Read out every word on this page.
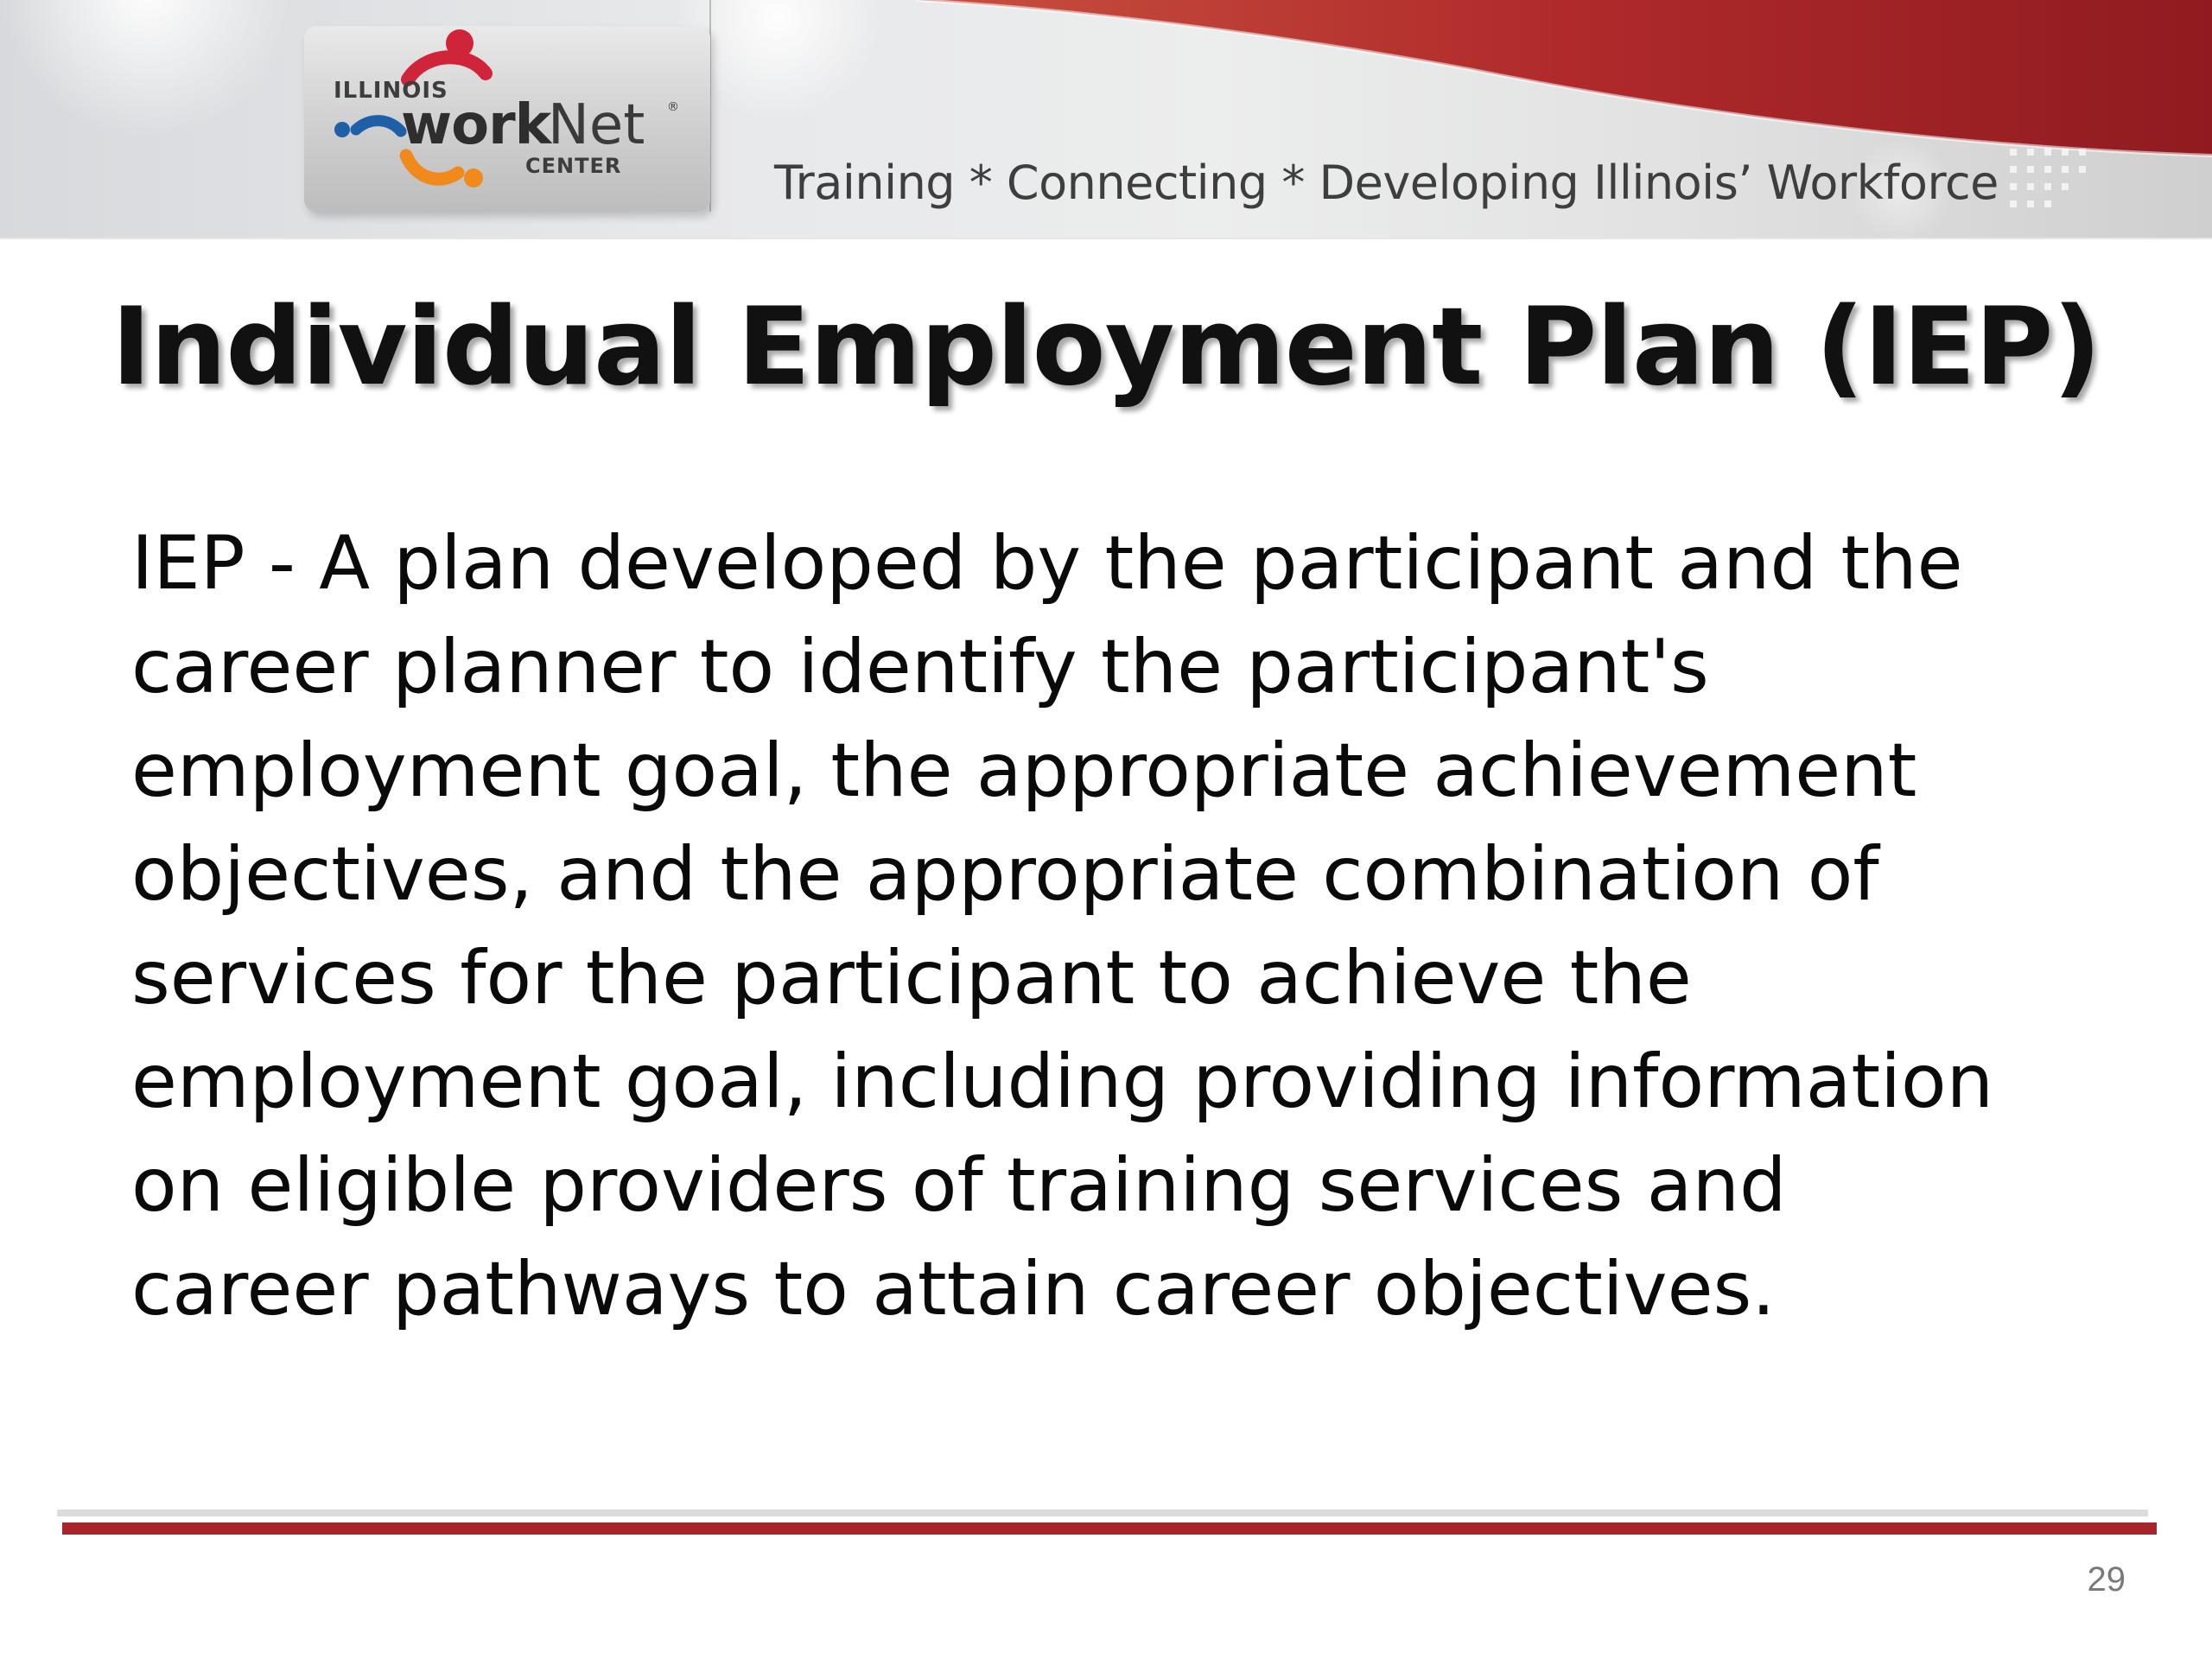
ILLINOIS
work
Net ®
CENTER	Training * Connecting * Developing Illinois’ Workforce
Individual Employment Plan (IEP)
IEP - A plan developed by the participant and the
career planner to identify the participant's
employment goal, the appropriate achievement
objectives, and the appropriate combination of
services for the participant to achieve the
employment goal, including providing information
on eligible providers of training services and
career pathways to attain career objectives.
29
